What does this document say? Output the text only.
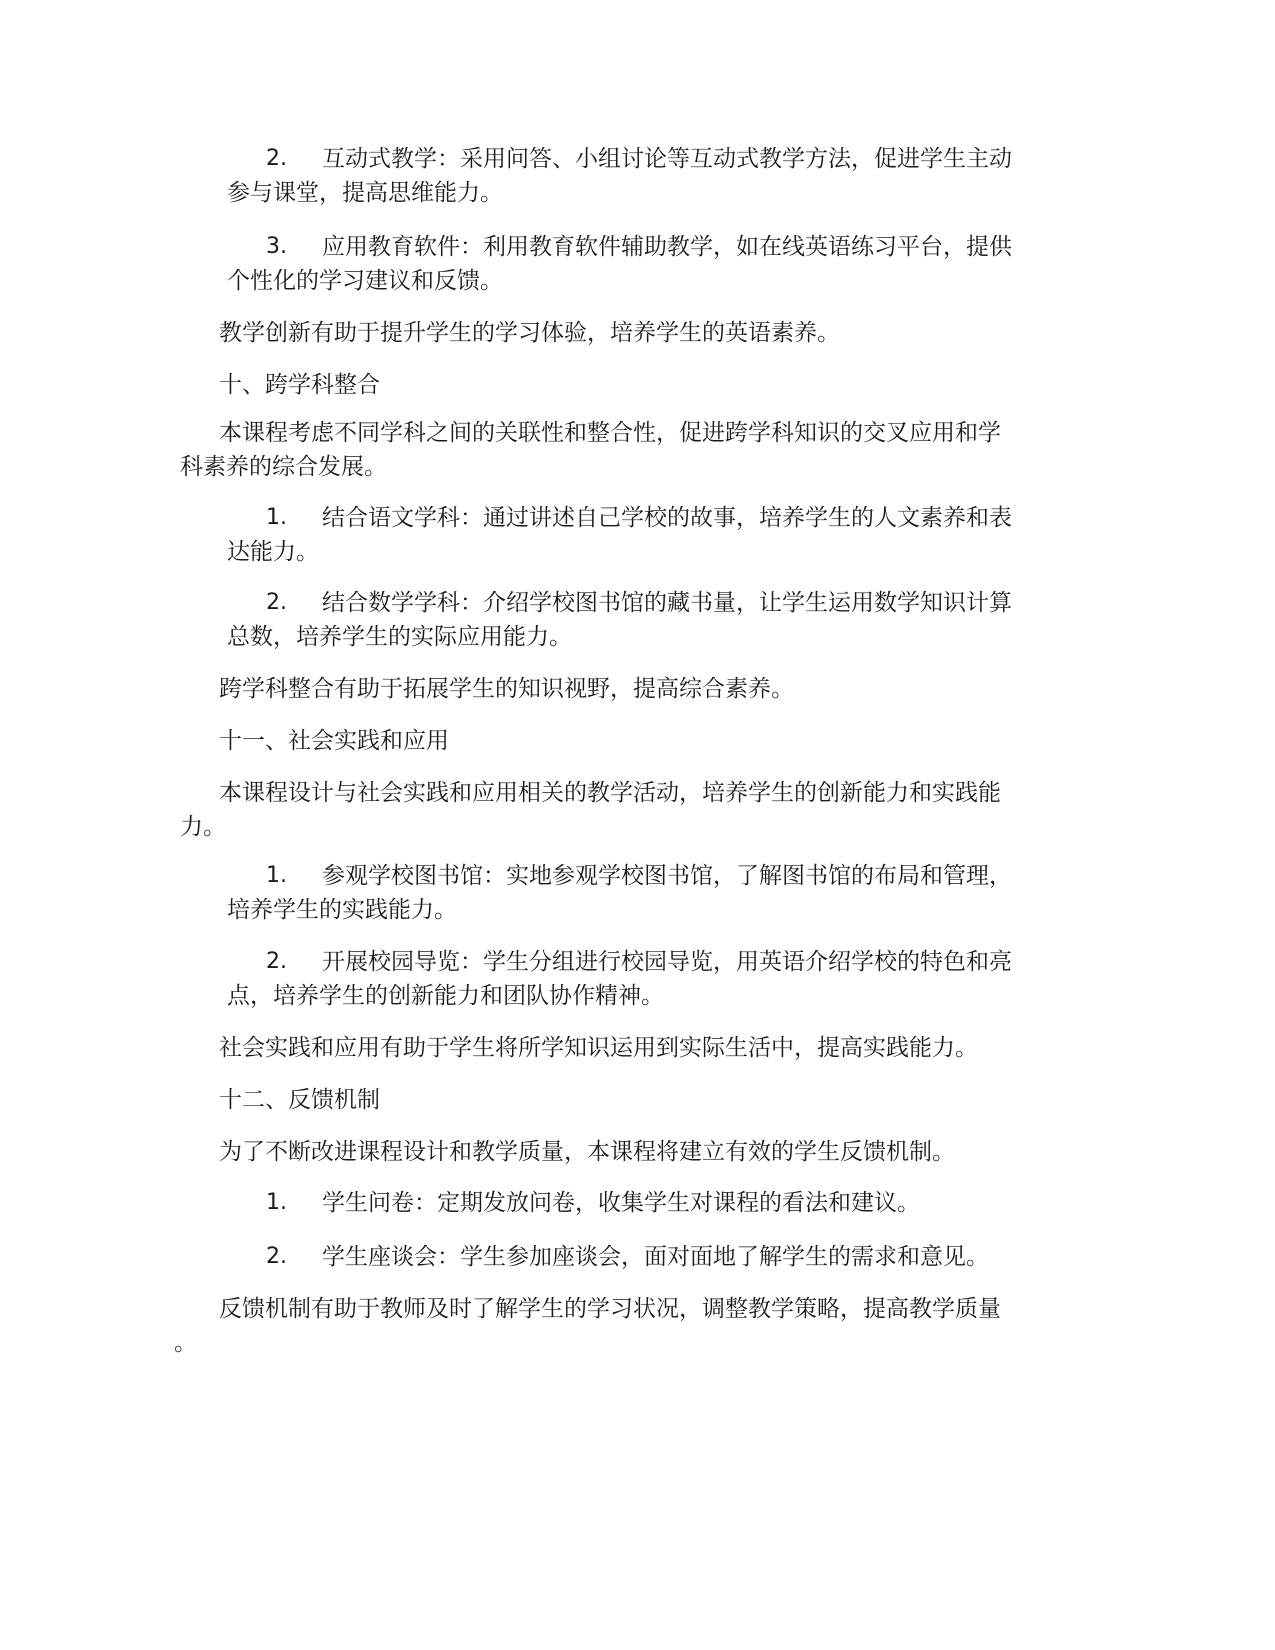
2. 互动式教学：采用问答、小组讨论等互动式教学方法，促进学生主动
参与课堂，提高思维能力。
3. 应用教育软件：利用教育软件辅助教学，如在线英语练习平台，提供
个性化的学习建议和反馈。
教学创新有助于提升学生的学习体验，培养学生的英语素养。
十、跨学科整合
本课程考虑不同学科之间的关联性和整合性，促进跨学科知识的交叉应用和学
科素养的综合发展。
1. 结合语文学科：通过讲述自己学校的故事，培养学生的人文素养和表
达能力。
2. 结合数学学科：介绍学校图书馆的藏书量，让学生运用数学知识计算
总数，培养学生的实际应用能力。
跨学科整合有助于拓展学生的知识视野，提高综合素养。
十一、社会实践和应用
本课程设计与社会实践和应用相关的教学活动，培养学生的创新能力和实践能
力。
1. 参观学校图书馆：实地参观学校图书馆，了解图书馆的布局和管理，
培养学生的实践能力。
2. 开展校园导览：学生分组进行校园导览，用英语介绍学校的特色和亮
点，培养学生的创新能力和团队协作精神。
社会实践和应用有助于学生将所学知识运用到实际生活中，提高实践能力。
十二、反馈机制
为了不断改进课程设计和教学质量，本课程将建立有效的学生反馈机制。
1. 学生问卷：定期发放问卷，收集学生对课程的看法和建议。
2. 学生座谈会：学生参加座谈会，面对面地了解学生的需求和意见。
反馈机制有助于教师及时了解学生的学习状况，调整教学策略，提高教学质量
。
